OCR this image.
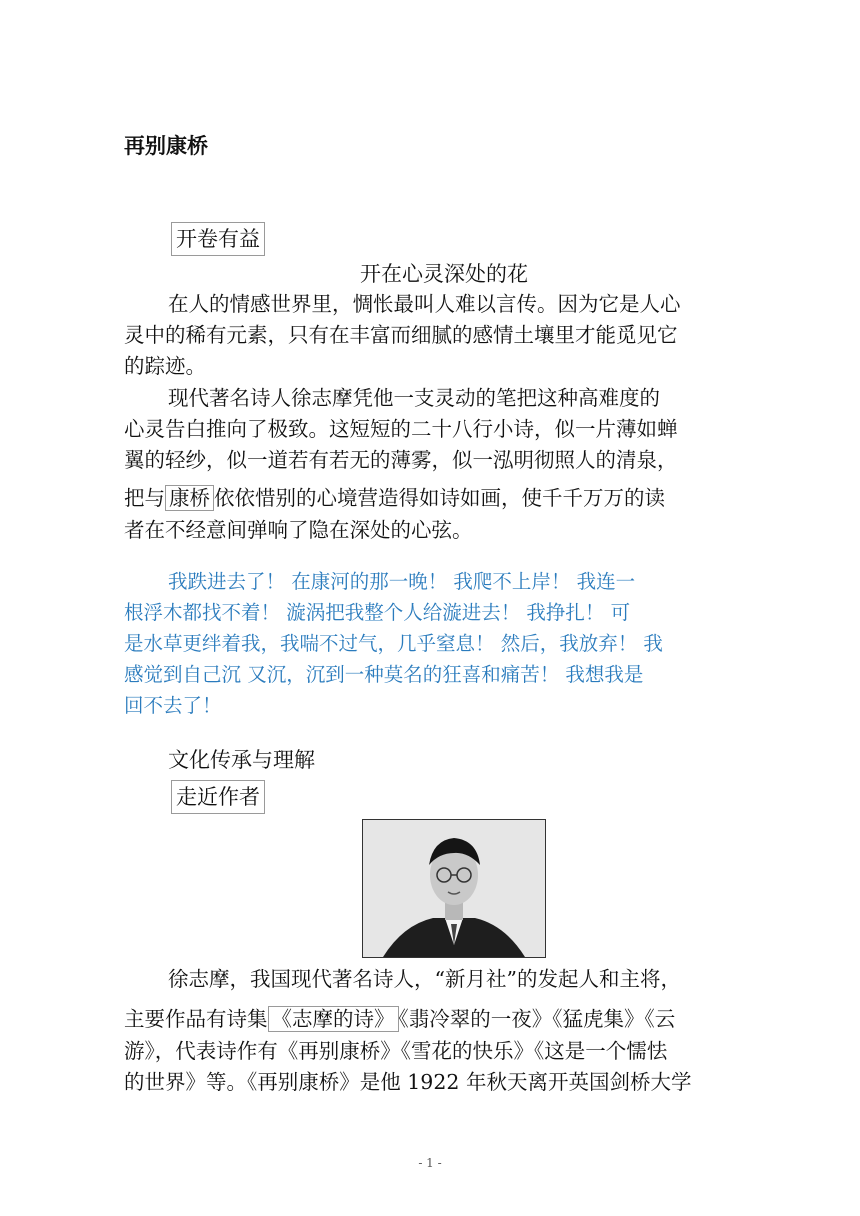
再别康桥
开卷有益
开在心灵深处的花
在人的情感世界里，惆怅最叫人难以言传。因为它是人心
灵中的稀有元素，只有在丰富而细腻的感情土壤里才能觅见它
的踪迹。
现代著名诗人徐志摩凭他一支灵动的笔把这种高难度的
心灵告白推向了极致。这短短的二十八行小诗，似一片薄如蝉
翼的轻纱，似一道若有若无的薄雾，似一泓明彻照人的清泉，
把与 康桥 依依惜别的心境营造得如诗如画，使千千万万的读
者在不经意间弹响了隐在深处的心弦。
我跌进去了！ 在康河的那一晚！ 我爬不上岸！ 我连一
根浮木都找不着！ 漩涡把我整个人给漩进去！ 我挣扎！ 可
是水草更绊着我，我喘不过气，几乎窒息！ 然后，我放弃！ 我
感觉到自己沉 又沉，沉到一种莫名的狂喜和痛苦！ 我想我是
回不去了！
文化传承与理解
走近作者
徐志摩，我国现代著名诗人，“新月社”的发起人和主将，
主要作品有诗集 《志摩的诗》 《翡冷翠的一夜》《猛虎集》《云
游》，代表诗作有《再别康桥》《雪花的快乐》《这是一个懦怯
的世界》等。《再别康桥》是他 1922 年秋天离开英国剑桥大学
- 1 -
